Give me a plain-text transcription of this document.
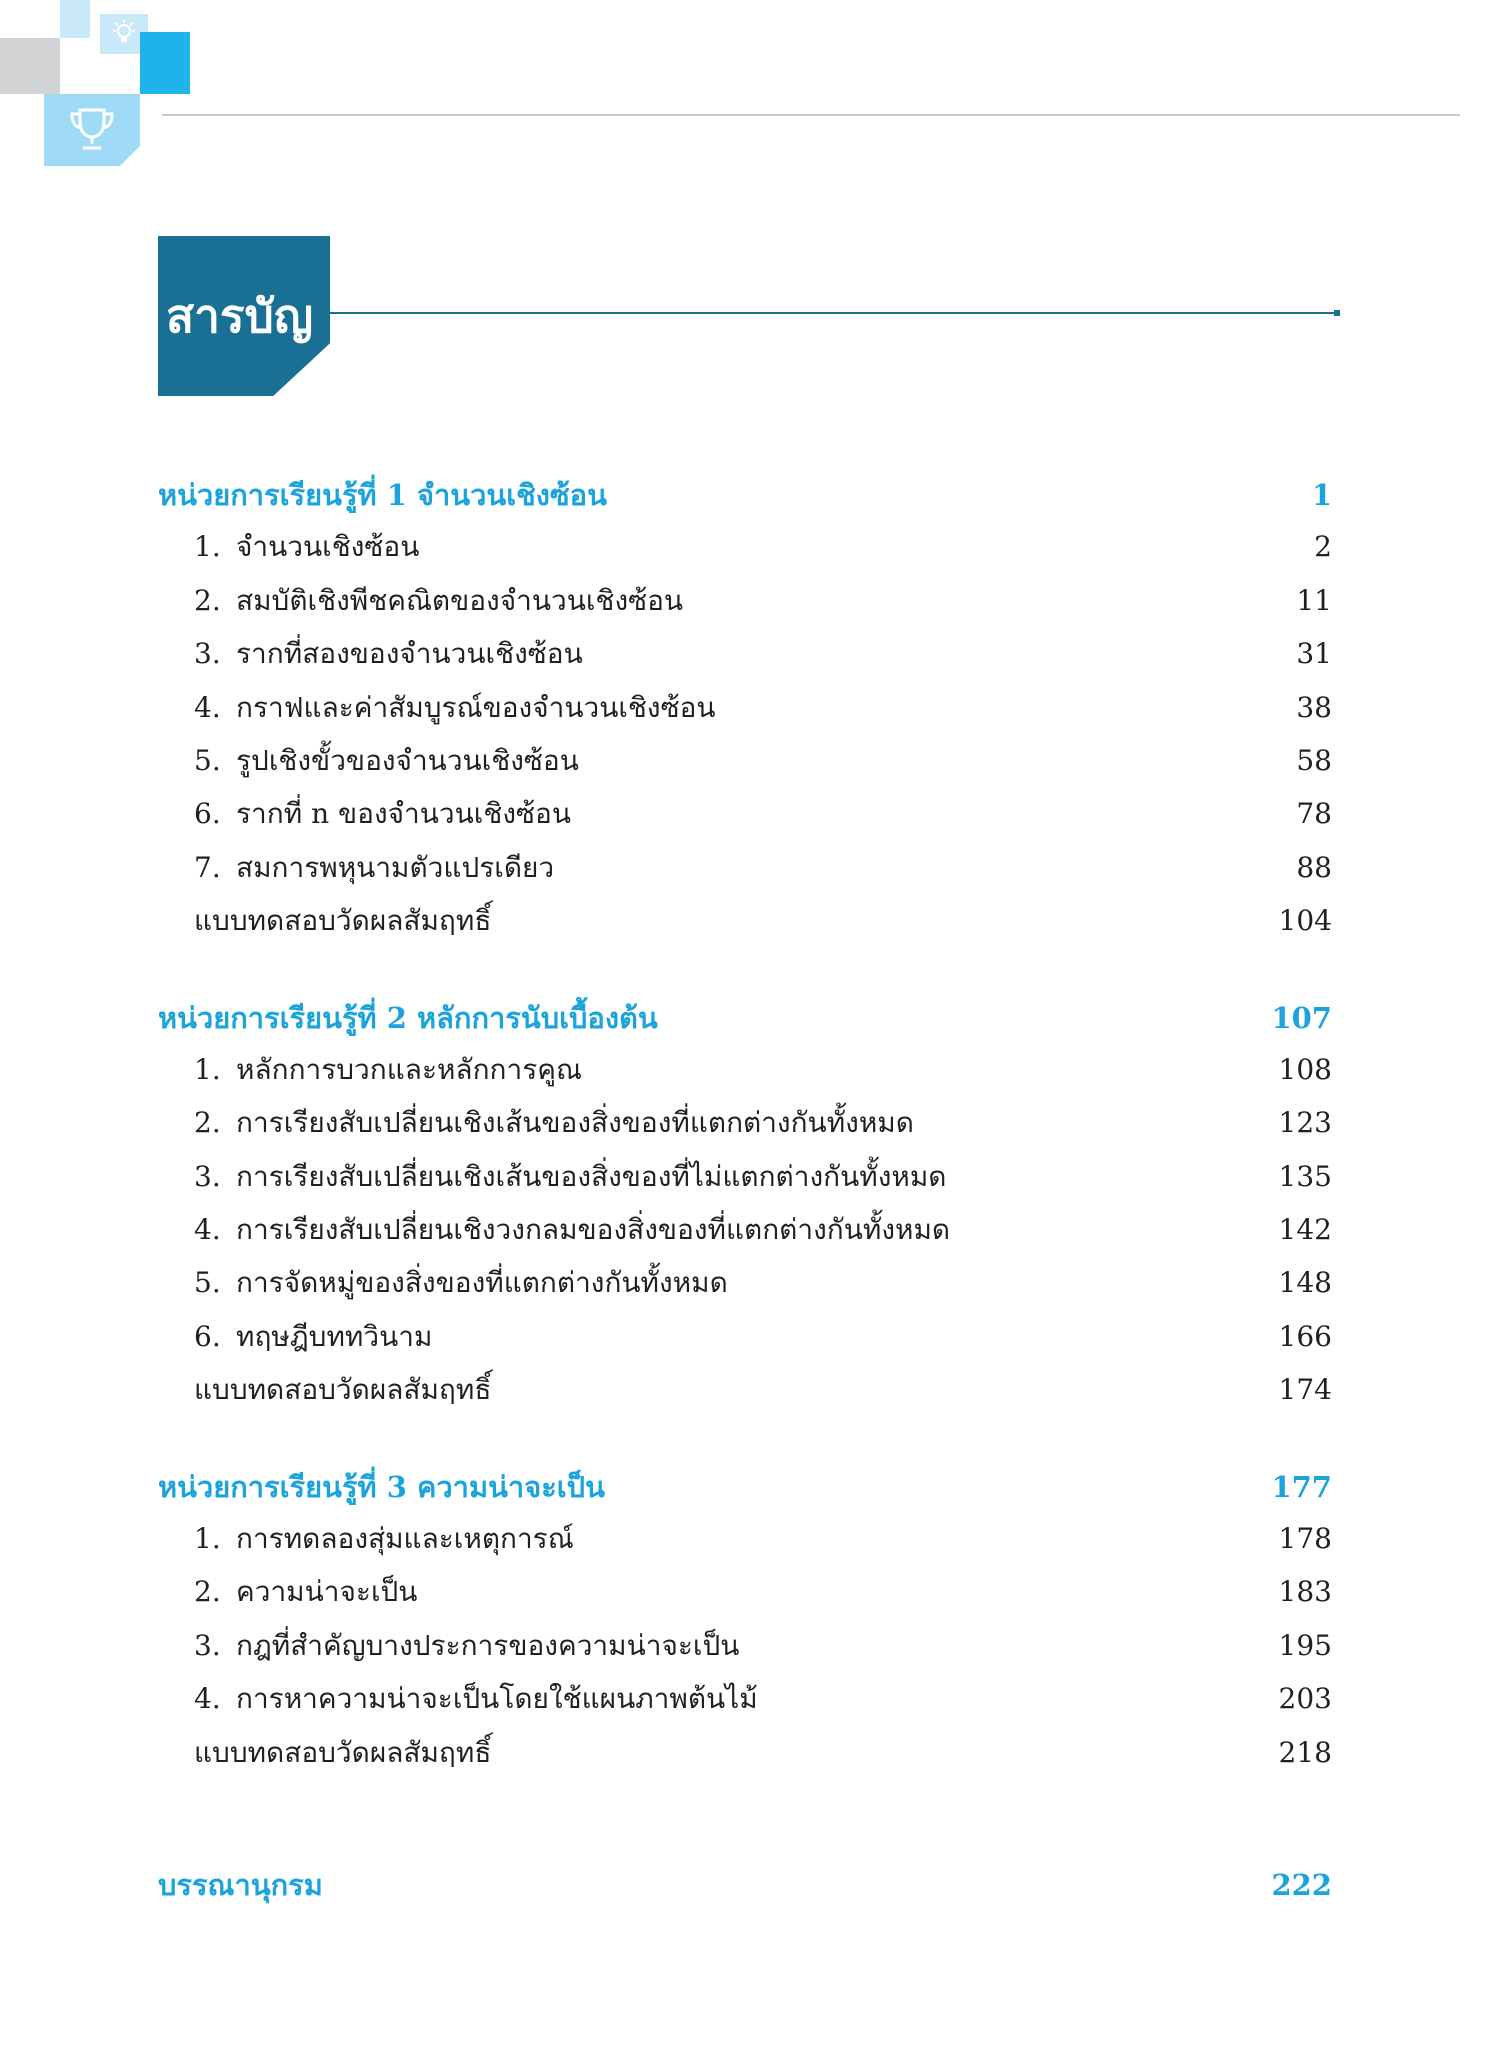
สารบัญ
หน่วยการเรียนรู้ที่ 1 จำนวนเชิงซ้อน	1
1. จำนวนเชิงซ้อน	2
2. สมบัติเชิงพีชคณิตของจำนวนเชิงซ้อน	11
3. รากที่สองของจำนวนเชิงซ้อน	31
4. กราฟและค่าสัมบูรณ์ของจำนวนเชิงซ้อน	38
5. รูปเชิงขั้วของจำนวนเชิงซ้อน	58
6. รากที่ n ของจำนวนเชิงซ้อน	78
7. สมการพหุนามตัวแปรเดียว	88
แบบทดสอบวัดผลสัมฤทธิ์	104
หน่วยการเรียนรู้ที่ 2 หลักการนับเบื้องต้น	107
1. หลักการบวกและหลักการคูณ	108
2. การเรียงสับเปลี่ยนเชิงเส้นของสิ่งของที่แตกต่างกันทั้งหมด	123
3. การเรียงสับเปลี่ยนเชิงเส้นของสิ่งของที่ไม่แตกต่างกันทั้งหมด	135
4. การเรียงสับเปลี่ยนเชิงวงกลมของสิ่งของที่แตกต่างกันทั้งหมด	142
5. การจัดหมู่ของสิ่งของที่แตกต่างกันทั้งหมด	148
6. ทฤษฎีบททวินาม	166
แบบทดสอบวัดผลสัมฤทธิ์	174
หน่วยการเรียนรู้ที่ 3 ความน่าจะเป็น	177
1. การทดลองสุ่มและเหตุการณ์	178
2. ความน่าจะเป็น	183
3. กฎที่สำคัญบางประการของความน่าจะเป็น	195
4. การหาความน่าจะเป็นโดยใช้แผนภาพต้นไม้	203
แบบทดสอบวัดผลสัมฤทธิ์	218
บรรณานุกรม	222
